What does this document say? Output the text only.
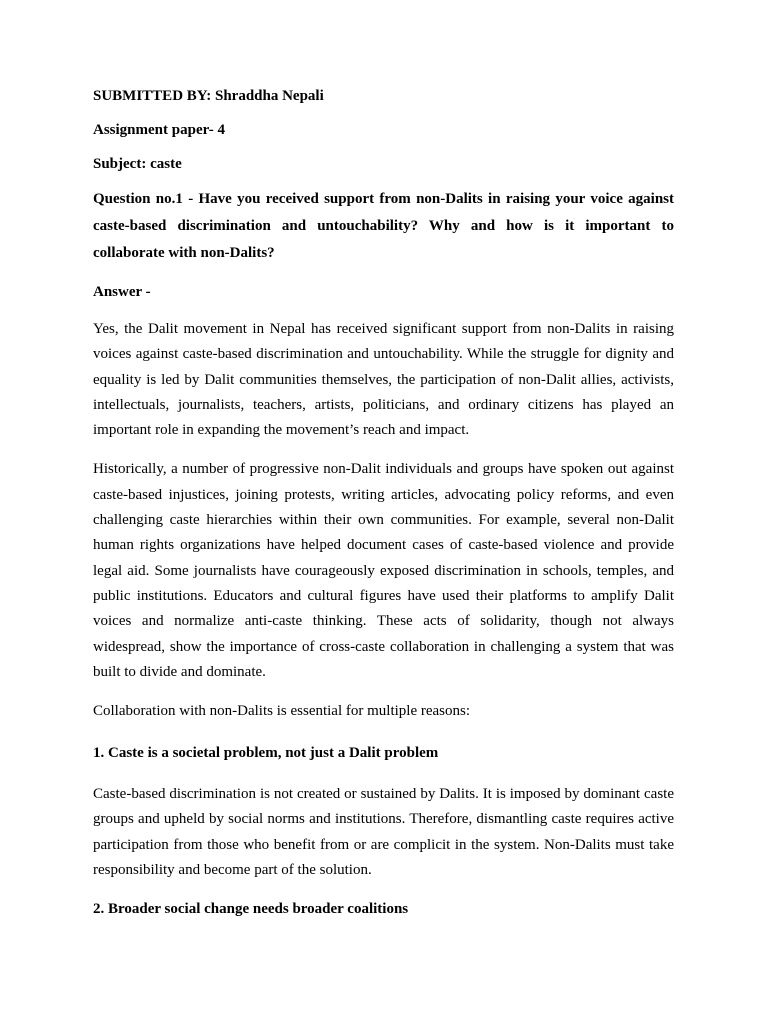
SUBMITTED BY: Shraddha Nepali

Assignment paper- 4

Subject: caste

Question no.1 - Have you received support from non-Dalits in raising your voice against caste-based discrimination and untouchability? Why and how is it important to collaborate with non-Dalits?

Answer -

Yes, the Dalit movement in Nepal has received significant support from non-Dalits in raising voices against caste-based discrimination and untouchability. While the struggle for dignity and equality is led by Dalit communities themselves, the participation of non-Dalit allies, activists, intellectuals, journalists, teachers, artists, politicians, and ordinary citizens has played an important role in expanding the movement’s reach and impact.

Historically, a number of progressive non-Dalit individuals and groups have spoken out against caste-based injustices, joining protests, writing articles, advocating policy reforms, and even challenging caste hierarchies within their own communities. For example, several non-Dalit human rights organizations have helped document cases of caste-based violence and provide legal aid. Some journalists have courageously exposed discrimination in schools, temples, and public institutions. Educators and cultural figures have used their platforms to amplify Dalit voices and normalize anti-caste thinking. These acts of solidarity, though not always widespread, show the importance of cross-caste collaboration in challenging a system that was built to divide and dominate.

Collaboration with non-Dalits is essential for multiple reasons:

1. Caste is a societal problem, not just a Dalit problem

Caste-based discrimination is not created or sustained by Dalits. It is imposed by dominant caste groups and upheld by social norms and institutions. Therefore, dismantling caste requires active participation from those who benefit from or are complicit in the system. Non-Dalits must take responsibility and become part of the solution.

2. Broader social change needs broader coalitions
